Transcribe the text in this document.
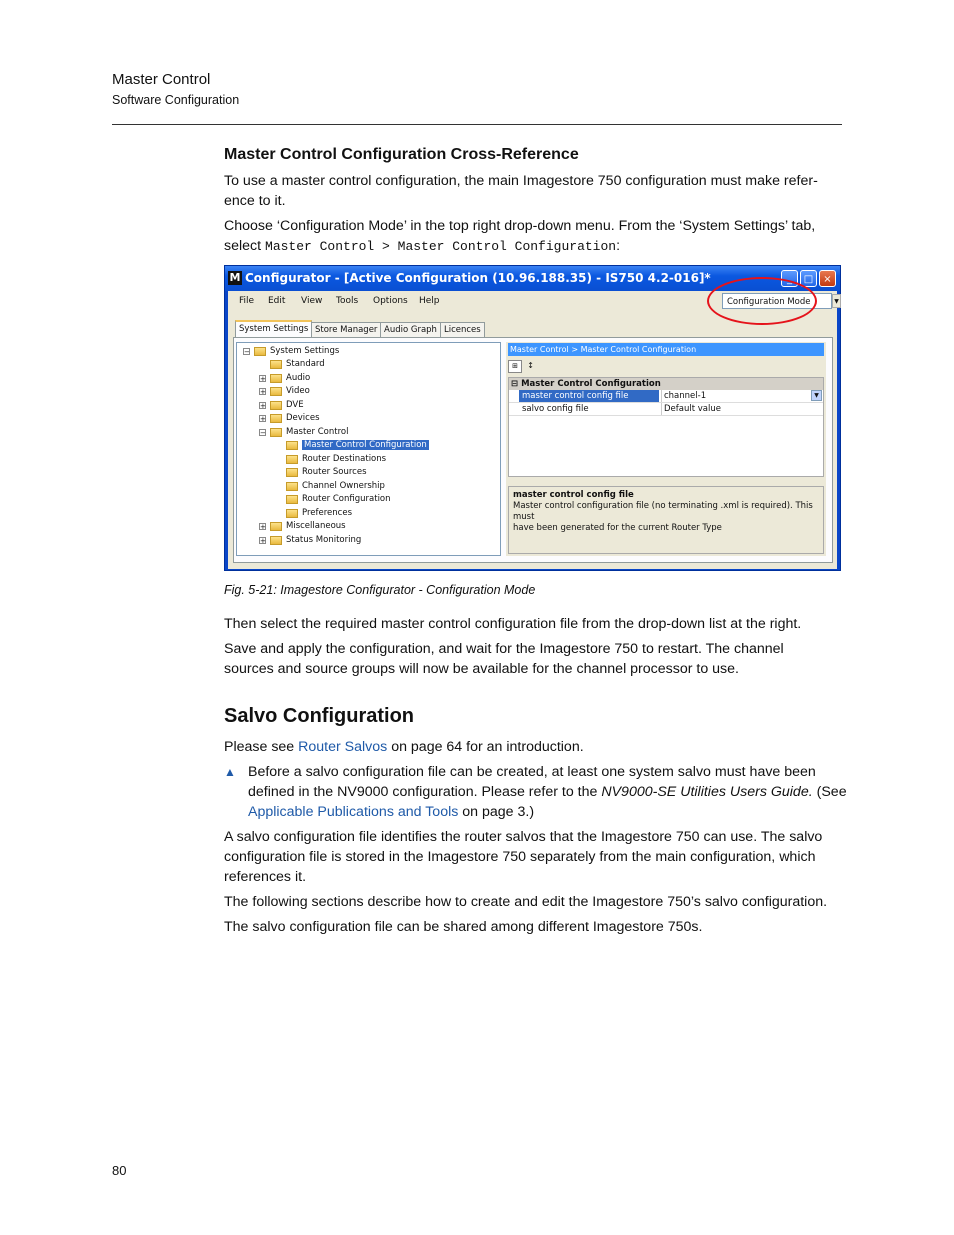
Master Control
Software Configuration
Master Control Configuration Cross-Reference
To use a master control configuration, the main Imagestore 750 configuration must make refer-
ence to it.
Choose ‘Configuration Mode’ in the top right drop-down menu. From the ‘System Settings’ tab,
select Master Control > Master Control Configuration:
M Configurator - [Active Configuration (10.96.188.35) - IS750 4.2-016]*	_	□	×
File Edit View Tools Options Help	Configuration Mode	▼
System Settings Store Manager Audio Graph Licences
− System Settings
Standard
+ Audio
+ Video
+ DVE
+ Devices
− Master Control
Master Control Configuration
Router Destinations
Router Sources
Channel Ownership
Router Configuration
Preferences
+ Miscellaneous
+ Status Monitoring
Master Control > Master Control Configuration
⊞ ↕
⊟ Master Control Configuration
master control config file	channel-1	▼
salvo config file	Default value
master control config file
Master control configuration file (no terminating .xml is required). This must
have been generated for the current Router Type
Fig. 5-21: Imagestore Configurator - Configuration Mode
Then select the required master control configuration file from the drop-down list at the right.
Save and apply the configuration, and wait for the Imagestore 750 to restart. The channel
sources and source groups will now be available for the channel processor to use.
Salvo Configuration
Please see Router Salvos on page 64 for an introduction.
▲ Before a salvo configuration file can be created, at least one system salvo must have been
defined in the NV9000 configuration. Please refer to the NV9000-SE Utilities Users Guide. (See
Applicable Publications and Tools on page 3.)
A salvo configuration file identifies the router salvos that the Imagestore 750 can use. The salvo
configuration file is stored in the Imagestore 750 separately from the main configuration, which
references it.
The following sections describe how to create and edit the Imagestore 750’s salvo configuration.
The salvo configuration file can be shared among different Imagestore 750s.
80
